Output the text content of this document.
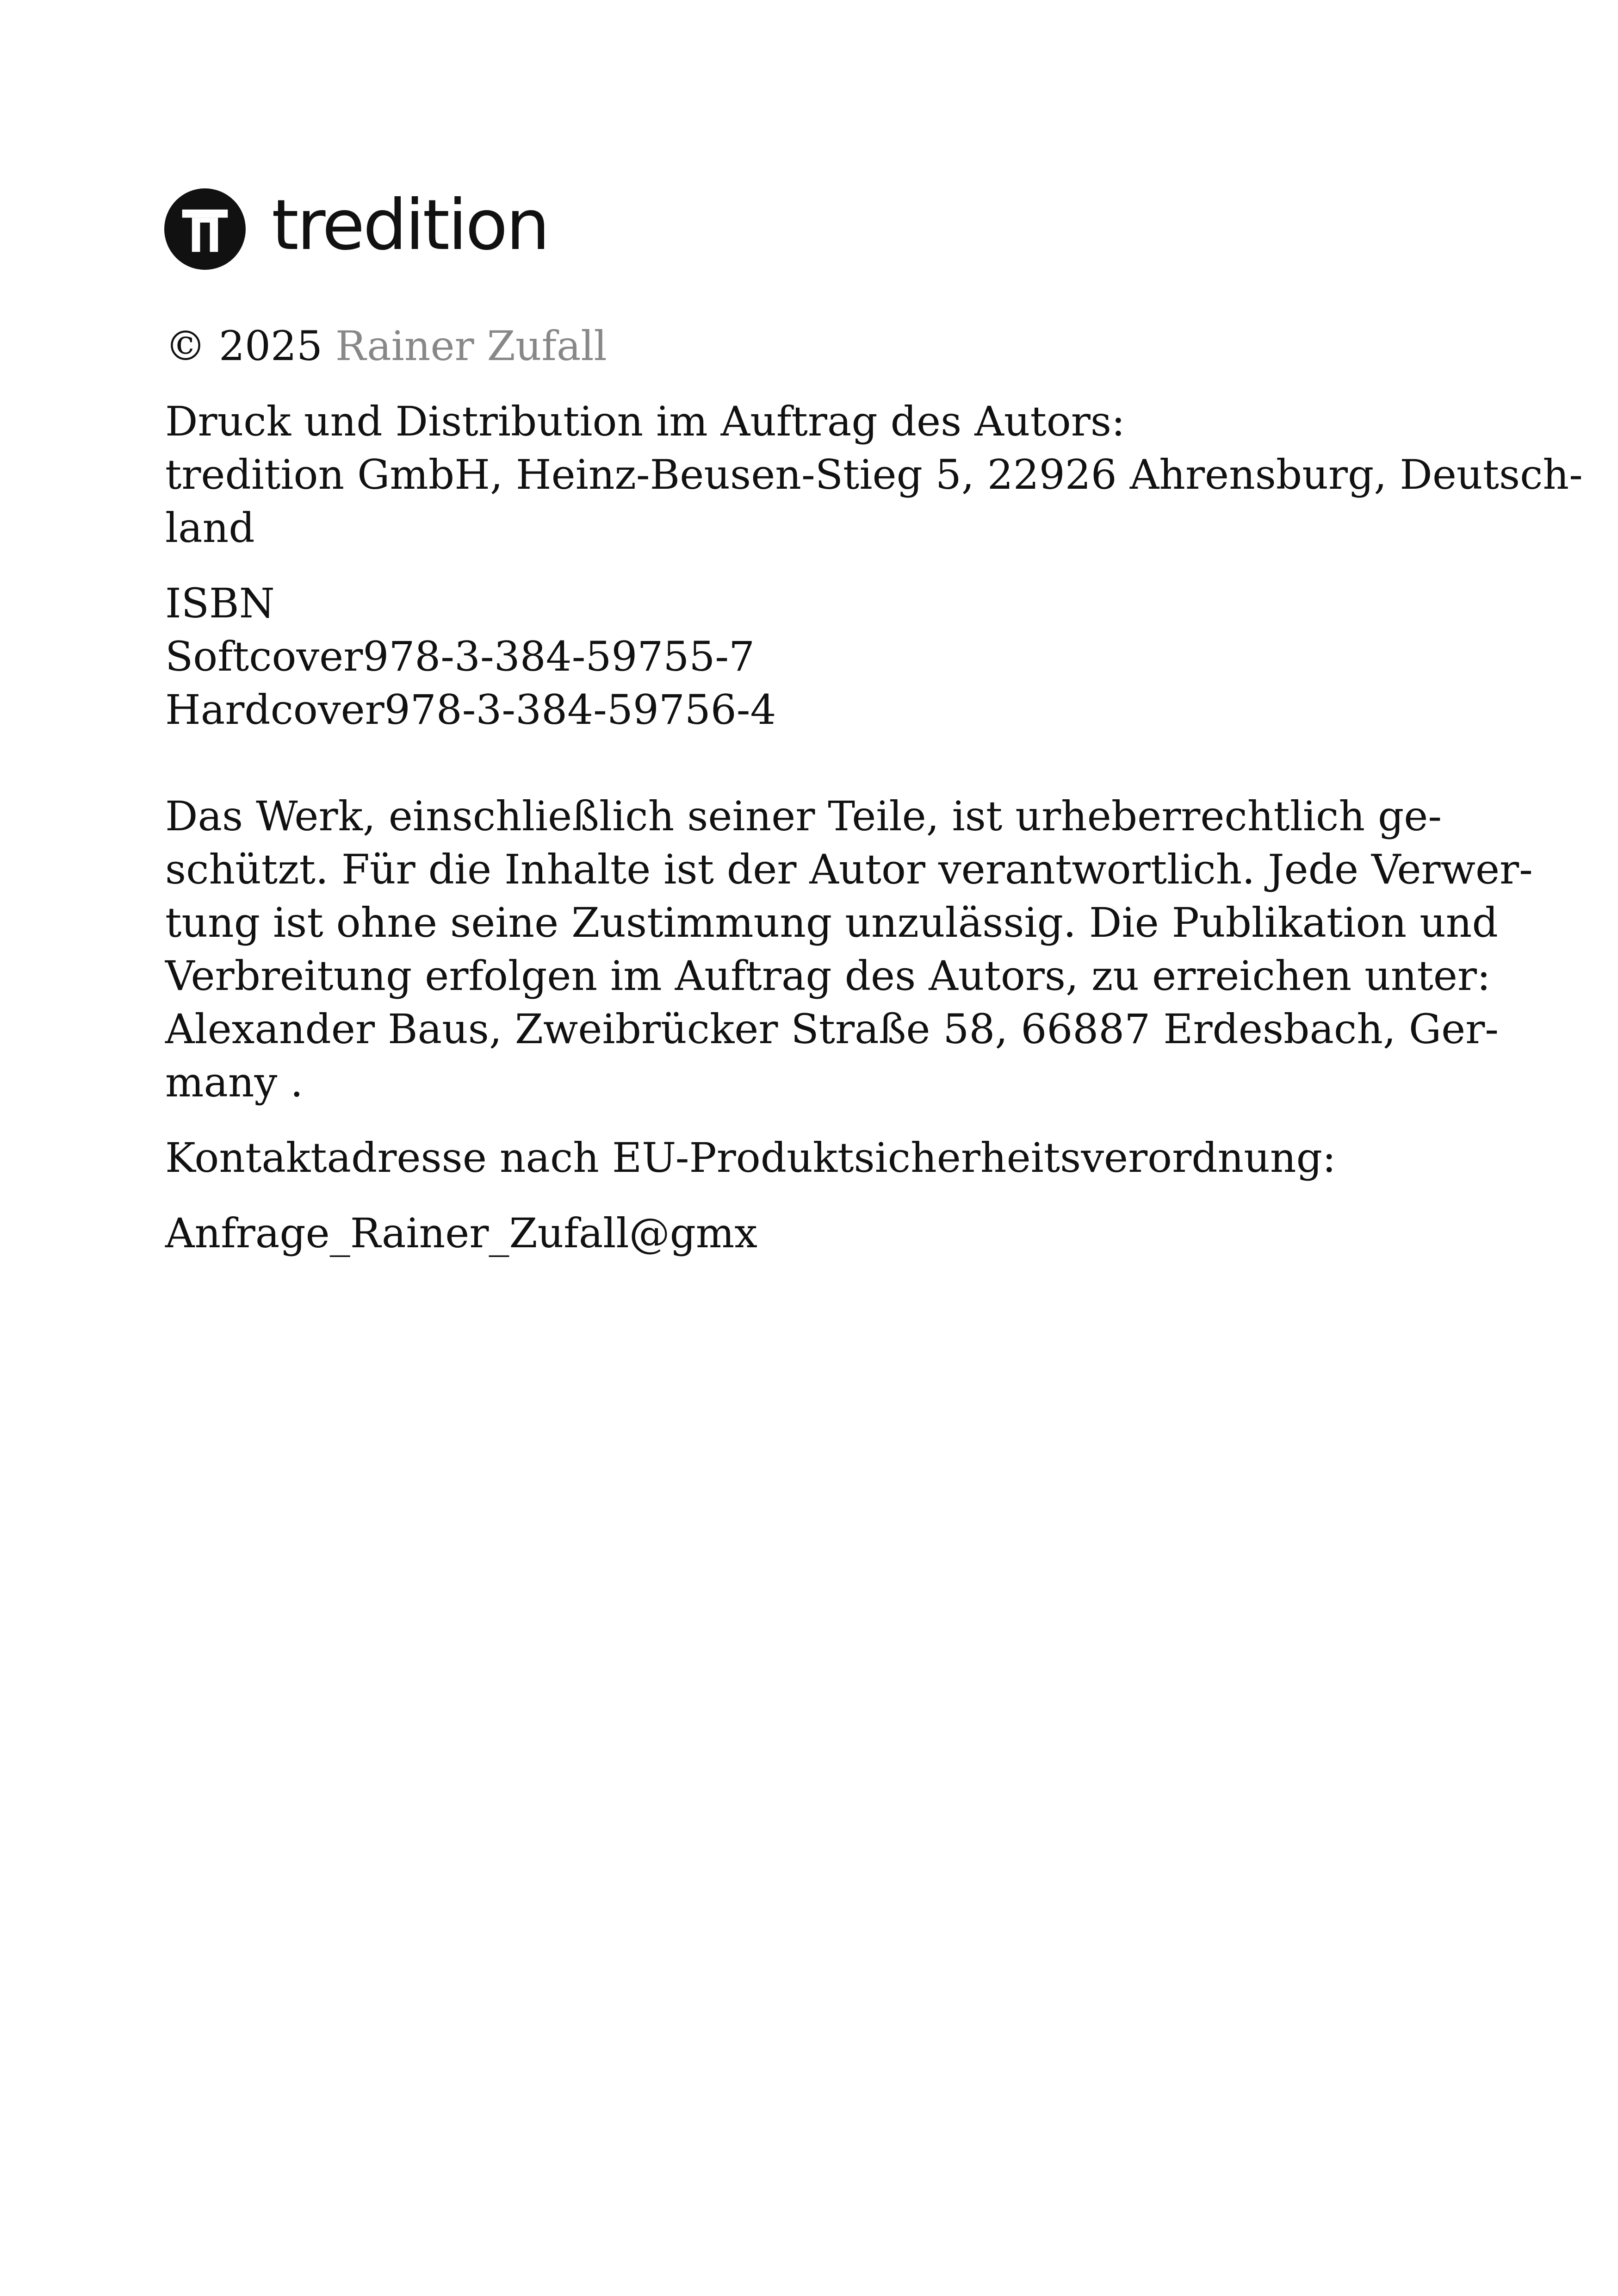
tredition

© 2025 Rainer Zufall

Druck und Distribution im Auftrag des Autors:
tredition GmbH, Heinz-Beusen-Stieg 5, 22926 Ahrensburg, Deutsch-
land

ISBN
Softcover978-3-384-59755-7
Hardcover978-3-384-59756-4

Das Werk, einschließlich seiner Teile, ist urheberrechtlich ge-
schützt. Für die Inhalte ist der Autor verantwortlich. Jede Verwer-
tung ist ohne seine Zustimmung unzulässig. Die Publikation und
Verbreitung erfolgen im Auftrag des Autors, zu erreichen unter:
Alexander Baus, Zweibrücker Straße 58, 66887 Erdesbach, Ger-
many .

Kontaktadresse nach EU-Produktsicherheitsverordnung:

Anfrage_Rainer_Zufall@gmx
